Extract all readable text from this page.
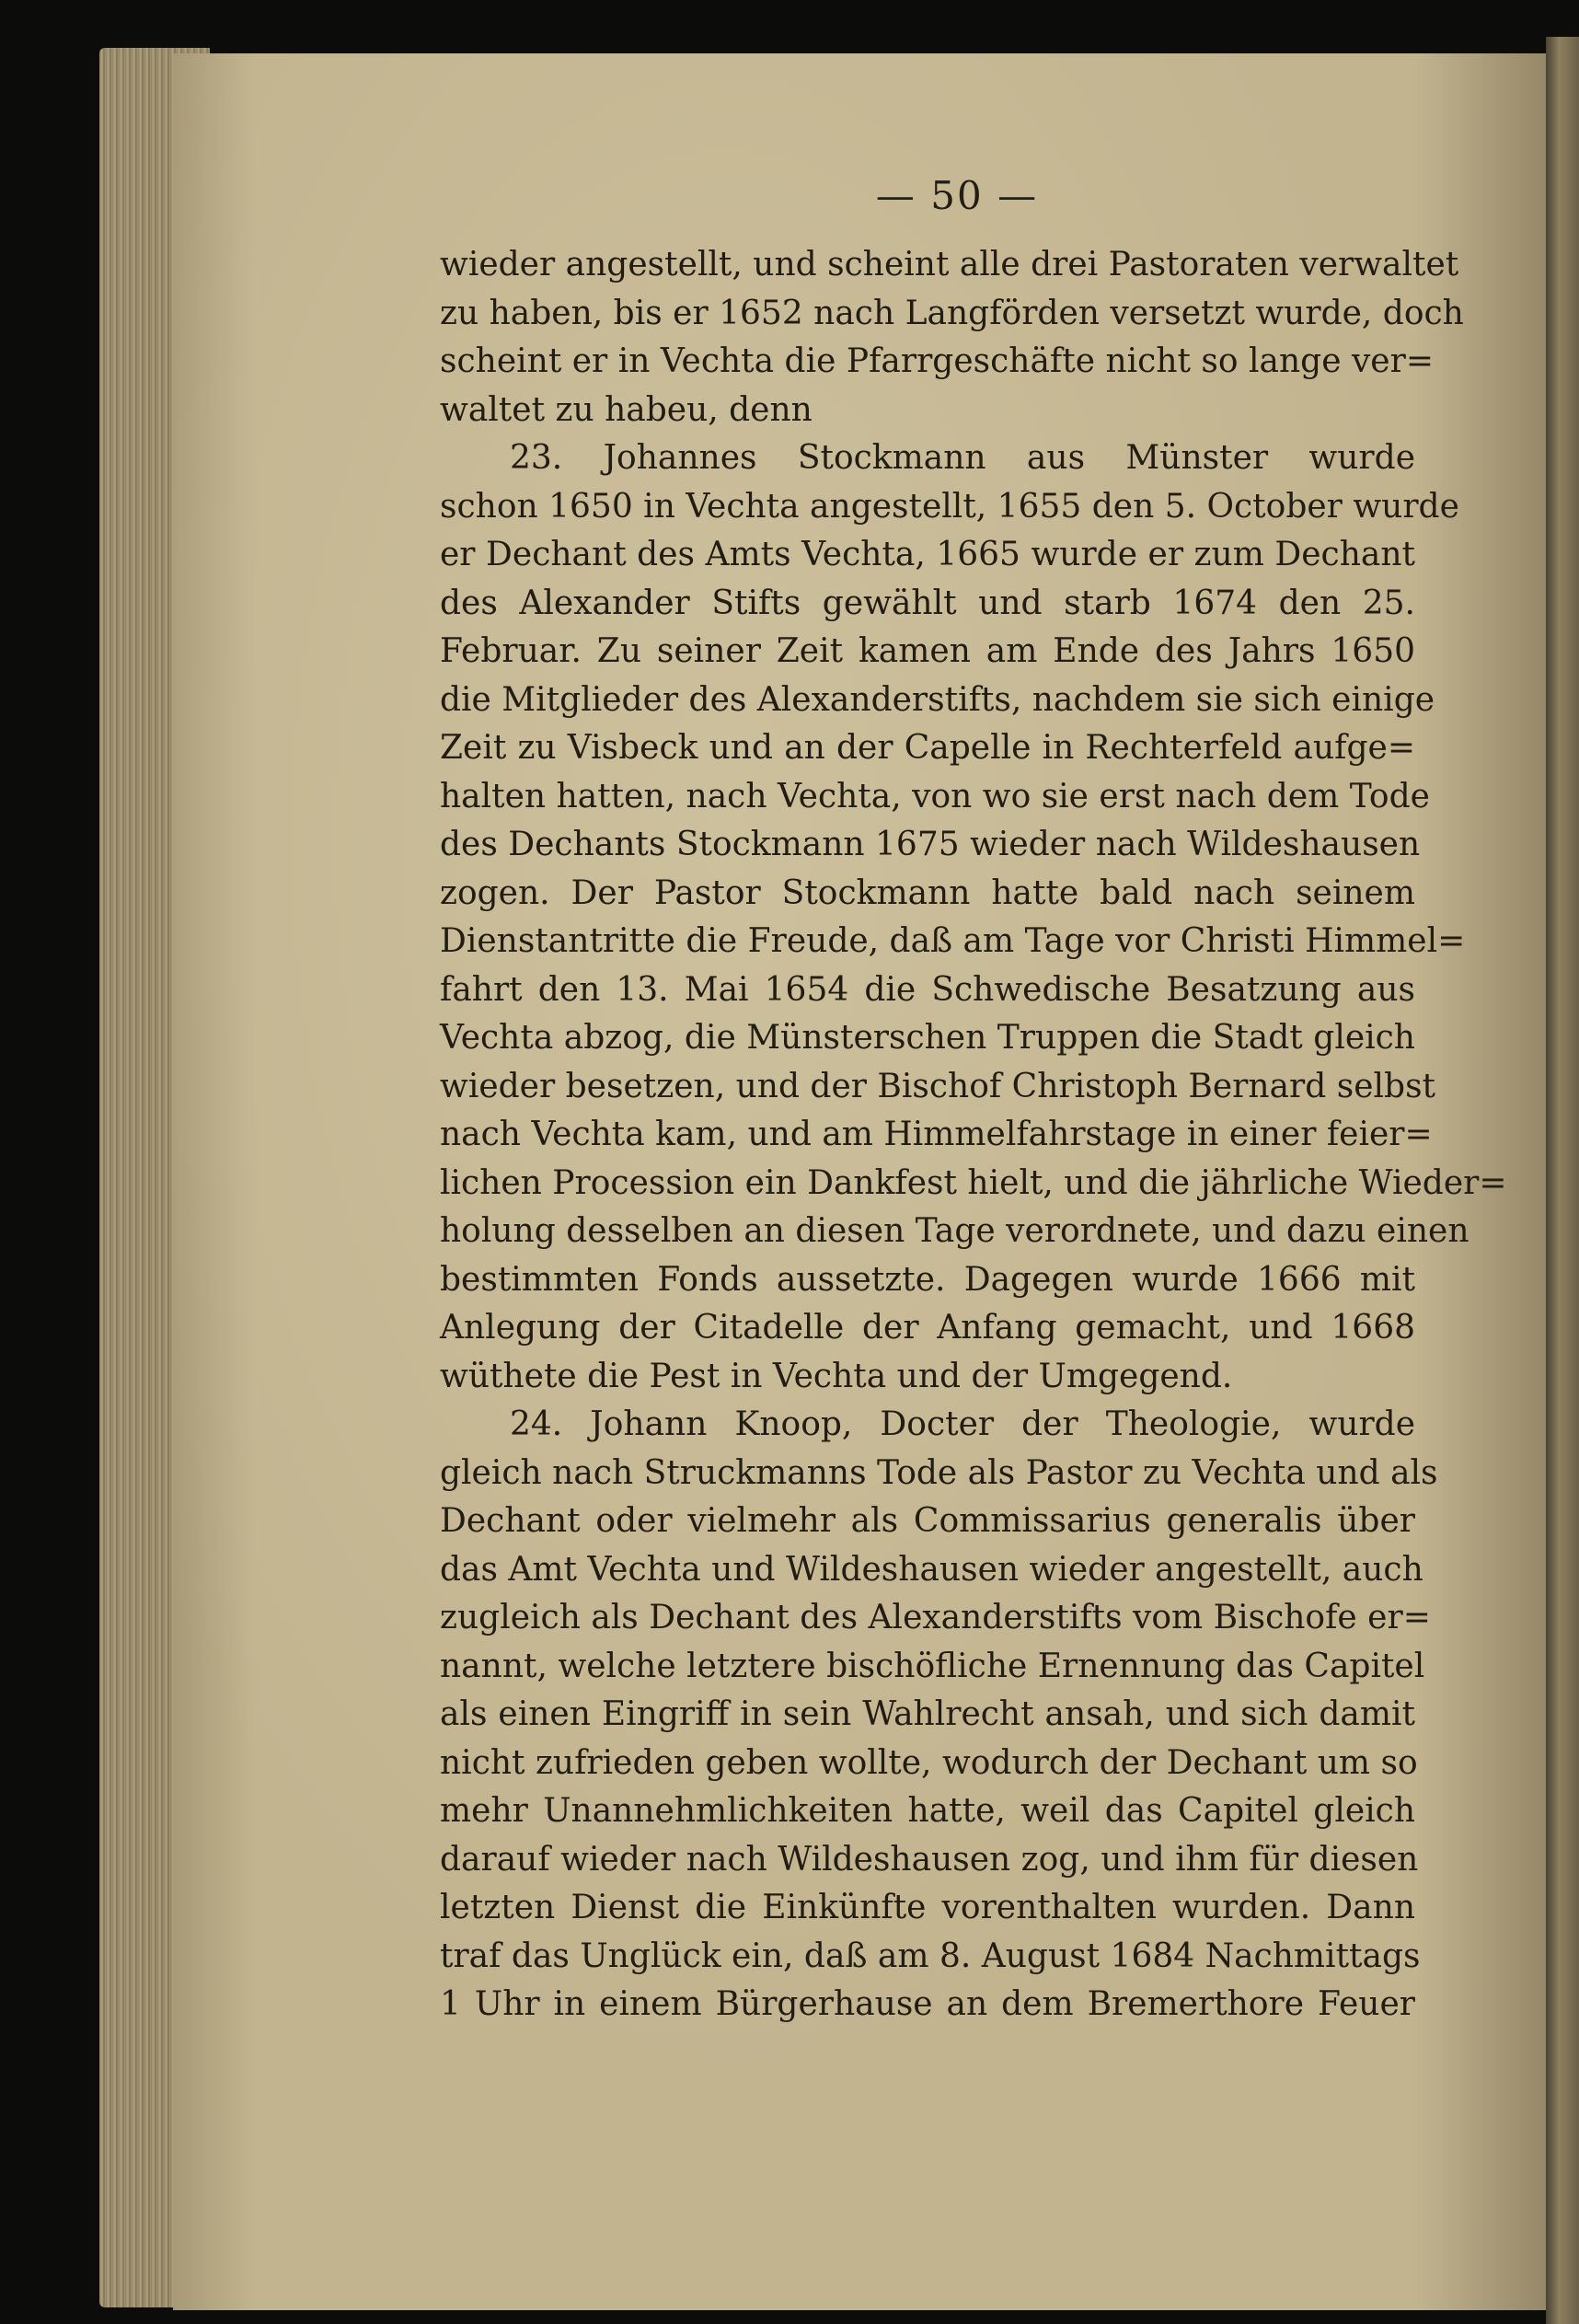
— 50 —
wieder angestellt, und scheint alle drei Pastoraten verwaltet
zu haben, bis er 1652 nach Langförden versetzt wurde, doch
scheint er in Vechta die Pfarrgeschäfte nicht so lange ver=
waltet zu habeu, denn
23. Johannes Stockmann aus Münster wurde
schon 1650 in Vechta angestellt, 1655 den 5. October wurde
er Dechant des Amts Vechta, 1665 wurde er zum Dechant
des Alexander Stifts gewählt und starb 1674 den 25.
Februar. Zu seiner Zeit kamen am Ende des Jahrs 1650
die Mitglieder des Alexanderstifts, nachdem sie sich einige
Zeit zu Visbeck und an der Capelle in Rechterfeld aufge=
halten hatten, nach Vechta, von wo sie erst nach dem Tode
des Dechants Stockmann 1675 wieder nach Wildeshausen
zogen. Der Pastor Stockmann hatte bald nach seinem
Dienstantritte die Freude, daß am Tage vor Christi Himmel=
fahrt den 13. Mai 1654 die Schwedische Besatzung aus
Vechta abzog, die Münsterschen Truppen die Stadt gleich
wieder besetzen, und der Bischof Christoph Bernard selbst
nach Vechta kam, und am Himmelfahrstage in einer feier=
lichen Procession ein Dankfest hielt, und die jährliche Wieder=
holung desselben an diesen Tage verordnete, und dazu einen
bestimmten Fonds aussetzte. Dagegen wurde 1666 mit
Anlegung der Citadelle der Anfang gemacht, und 1668
wüthete die Pest in Vechta und der Umgegend.
24. Johann Knoop, Docter der Theologie, wurde
gleich nach Struckmanns Tode als Pastor zu Vechta und als
Dechant oder vielmehr als Commissarius generalis über
das Amt Vechta und Wildeshausen wieder angestellt, auch
zugleich als Dechant des Alexanderstifts vom Bischofe er=
nannt, welche letztere bischöfliche Ernennung das Capitel
als einen Eingriff in sein Wahlrecht ansah, und sich damit
nicht zufrieden geben wollte, wodurch der Dechant um so
mehr Unannehmlichkeiten hatte, weil das Capitel gleich
darauf wieder nach Wildeshausen zog, und ihm für diesen
letzten Dienst die Einkünfte vorenthalten wurden. Dann
traf das Unglück ein, daß am 8. August 1684 Nachmittags
1 Uhr in einem Bürgerhause an dem Bremerthore Feuer
